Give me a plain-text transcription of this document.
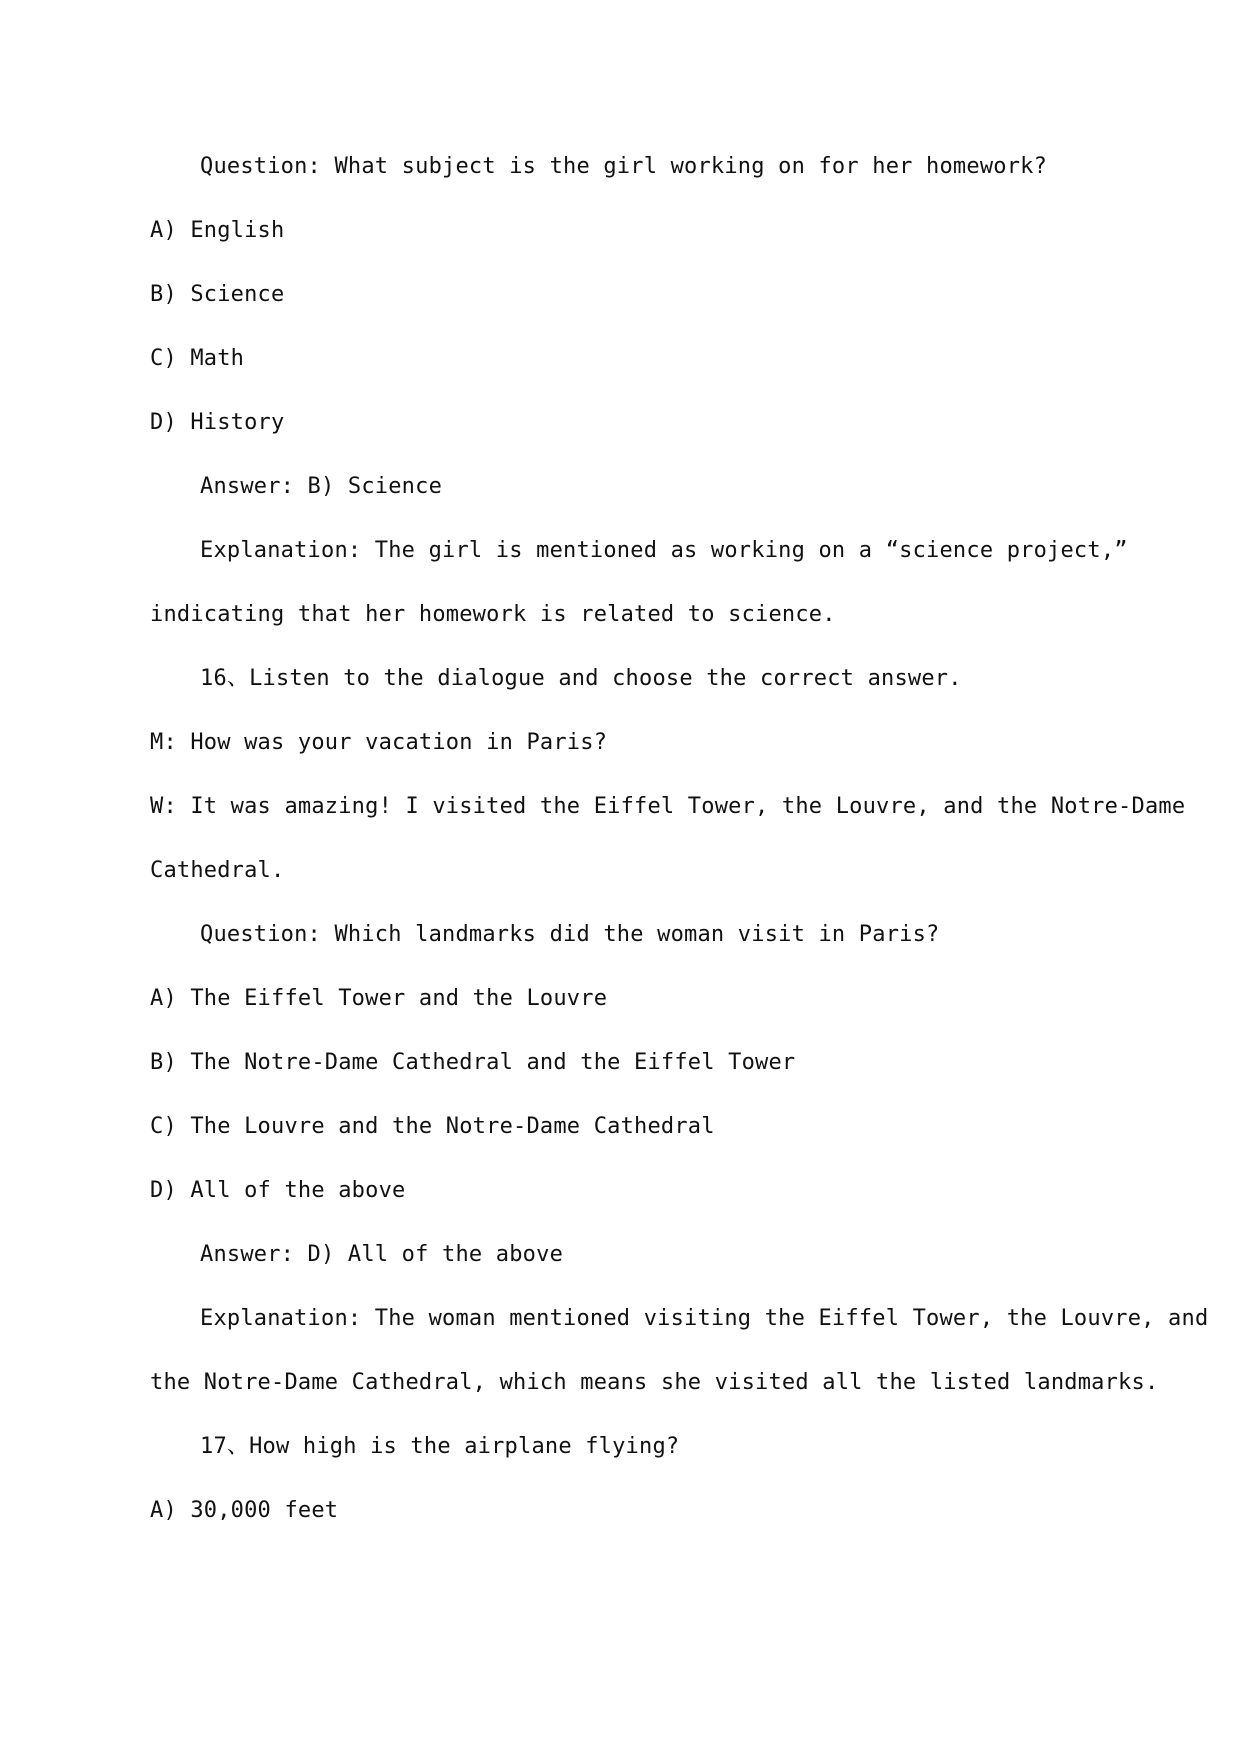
Question: What subject is the girl working on for her homework?
A) English
B) Science
C) Math
D) History
Answer: B) Science
Explanation: The girl is mentioned as working on a “science project,”
indicating that her homework is related to science.
16、Listen to the dialogue and choose the correct answer.
M: How was your vacation in Paris?
W: It was amazing! I visited the Eiffel Tower, the Louvre, and the Notre-Dame
Cathedral.
Question: Which landmarks did the woman visit in Paris?
A) The Eiffel Tower and the Louvre
B) The Notre-Dame Cathedral and the Eiffel Tower
C) The Louvre and the Notre-Dame Cathedral
D) All of the above
Answer: D) All of the above
Explanation: The woman mentioned visiting the Eiffel Tower, the Louvre, and
the Notre-Dame Cathedral, which means she visited all the listed landmarks.
17、How high is the airplane flying?
A) 30,000 feet
